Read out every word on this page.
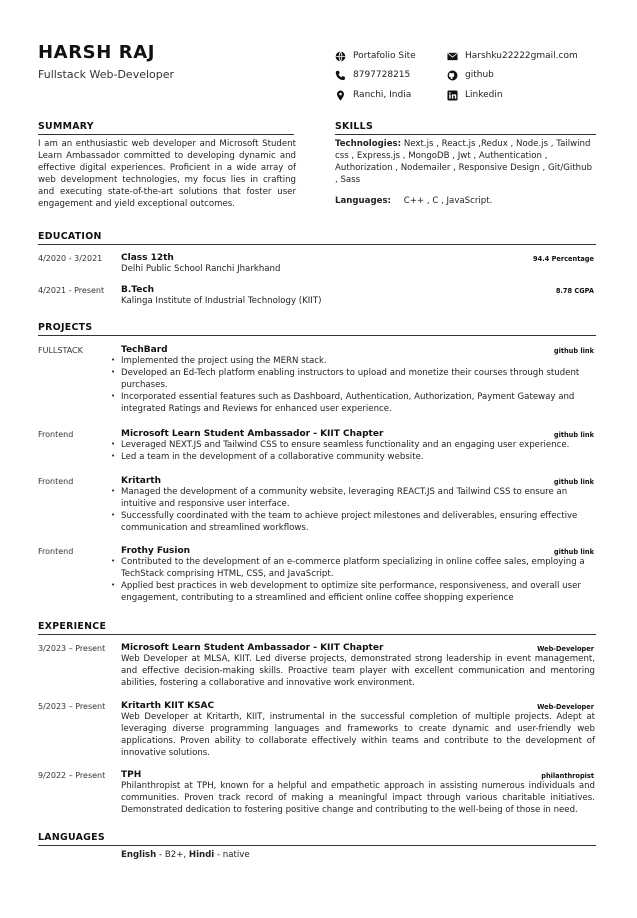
HARSH RAJ
Fullstack Web-Developer
Portafolio Site	Harshku22222gmail.com
8797728215	github
Ranchi, India	Linkedin
SUMMARY
I am an enthusiastic web developer and Microsoft Student Learn Ambassador committed to developing dynamic and effective digital experiences. Proficient in a wide array of web development technologies, my focus lies in crafting and executing state-of-the-art solutions that foster user engagement and yield exceptional outcomes.
SKILLS
Technologies: Next.js , React.js ,Redux , Node.js , Tailwind css , Express.js , MongoDB , Jwt , Authentication , Authorization , Nodemailer , Responsive Design , Git/Github , Sass
Languages: C++ , C , JavaScript.
EDUCATION
4/2020 - 3/2021 Class 12th	94.4 Percentage
Delhi Public School Ranchi Jharkhand
4/2021 - Present B.Tech	8.78 CGPA
Kalinga Institute of Industrial Technology (KIIT)
PROJECTS
FULLSTACK	TechBard	github link
• Implemented the project using the MERN stack.
• Developed an Ed-Tech platform enabling instructors to upload and monetize their courses through student purchases.
• Incorporated essential features such as Dashboard, Authentication, Authorization, Payment Gateway and integrated Ratings and Reviews for enhanced user experience.
Frontend	Microsoft Learn Student Ambassador - KIIT Chapter	github link
• Leveraged NEXT.JS and Tailwind CSS to ensure seamless functionality and an engaging user experience.
• Led a team in the development of a collaborative community website.
Frontend	Kritarth	github link
• Managed the development of a community website, leveraging REACT.JS and Tailwind CSS to ensure an intuitive and responsive user interface.
• Successfully coordinated with the team to achieve project milestones and deliverables, ensuring effective communication and streamlined workflows.
Frontend	Frothy Fusion	github link
• Contributed to the development of an e-commerce platform specializing in online coffee sales, employing a TechStack comprising HTML, CSS, and JavaScript.
• Applied best practices in web development to optimize site performance, responsiveness, and overall user engagement, contributing to a streamlined and efficient online coffee shopping experience
EXPERIENCE
3/2023 – Present Microsoft Learn Student Ambassador - KIIT Chapter	Web-Developer
Web Developer at MLSA, KIIT. Led diverse projects, demonstrated strong leadership in event management, and effective decision-making skills. Proactive team player with excellent communication and mentoring abilities, fostering a collaborative and innovative work environment.
5/2023 – Present Kritarth KIIT KSAC	Web-Developer
Web Developer at Kritarth, KIIT, instrumental in the successful completion of multiple projects. Adept at leveraging diverse programming languages and frameworks to create dynamic and user-friendly web applications. Proven ability to collaborate effectively within teams and contribute to the development of innovative solutions.
9/2022 – Present TPH	philanthropist
Philanthropist at TPH, known for a helpful and empathetic approach in assisting numerous individuals and communities. Proven track record of making a meaningful impact through various charitable initiatives. Demonstrated dedication to fostering positive change and contributing to the well-being of those in need.
LANGUAGES
English - B2+, Hindi - native
